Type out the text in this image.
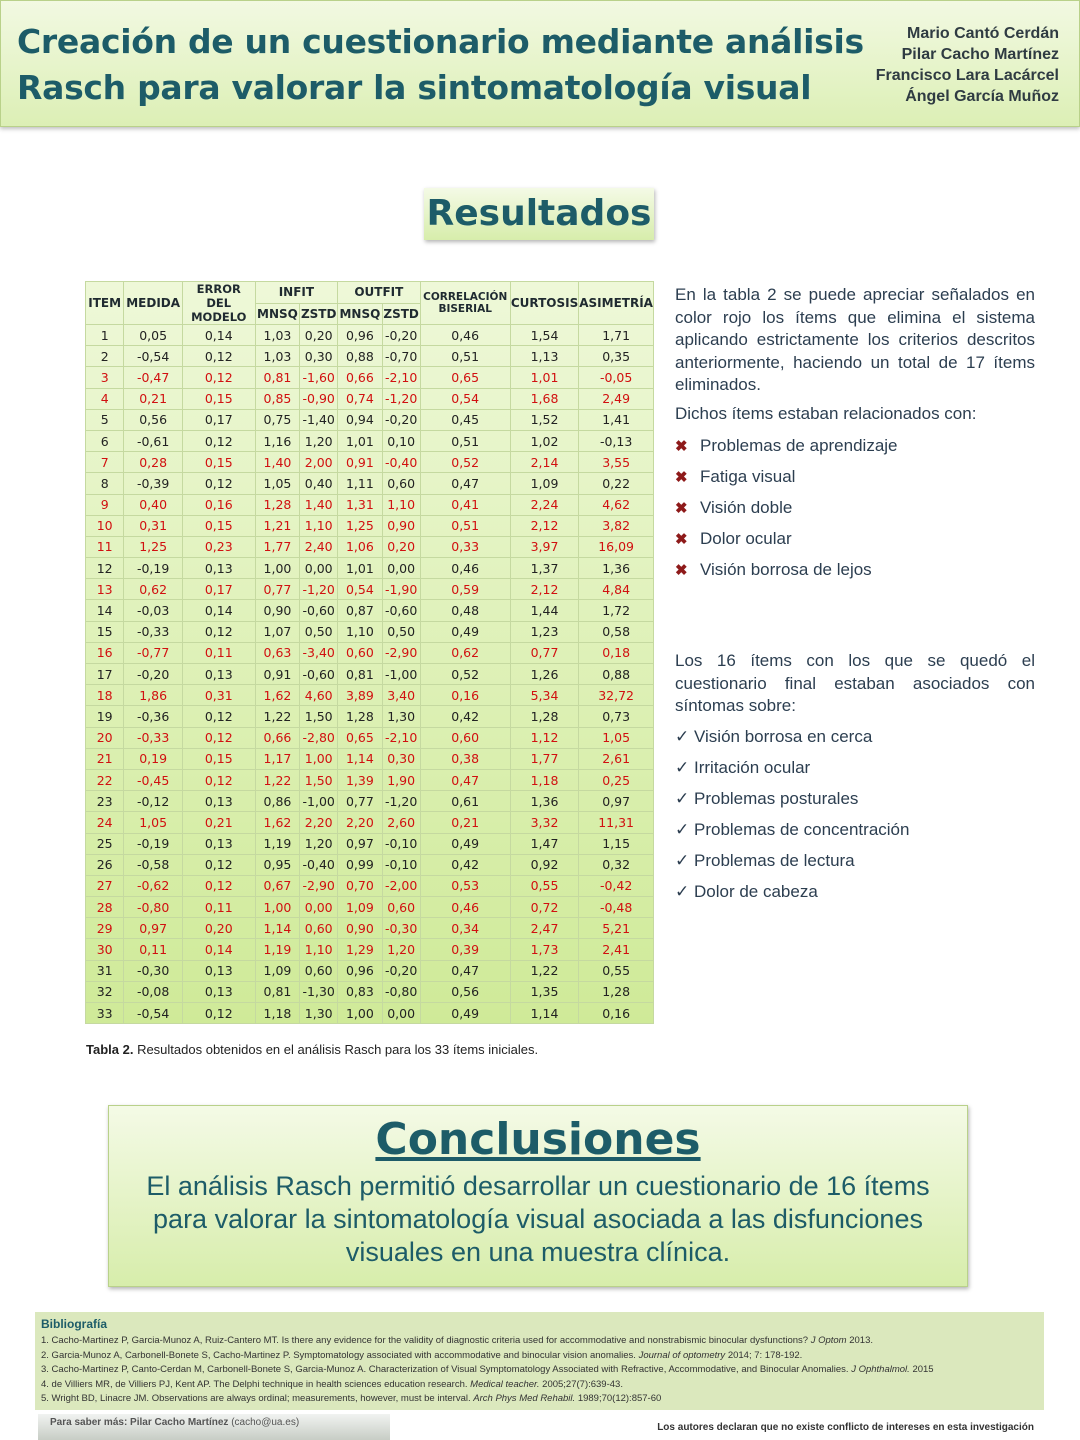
Creación de un cuestionario mediante análisis
Rasch para valorar la sintomatología visual
Mario Cantó Cerdán
Pilar Cacho Martínez
Francisco Lara Lacárcel
Ángel García Muñoz
Resultados
ITEM	MEDIDA	ERROR DEL MODELO	INFIT		OUTFIT		CORRELACIÓN BISERIAL	CURTOSIS	ASIMETRÍA
			MNSQ	ZSTD	MNSQ	ZSTD			
1	0,05	0,14	1,03	0,20	0,96	-0,20	0,46	1,54	1,71
2	-0,54	0,12	1,03	0,30	0,88	-0,70	0,51	1,13	0,35
3	-0,47	0,12	0,81	-1,60	0,66	-2,10	0,65	1,01	-0,05
4	0,21	0,15	0,85	-0,90	0,74	-1,20	0,54	1,68	2,49
5	0,56	0,17	0,75	-1,40	0,94	-0,20	0,45	1,52	1,41
6	-0,61	0,12	1,16	1,20	1,01	0,10	0,51	1,02	-0,13
7	0,28	0,15	1,40	2,00	0,91	-0,40	0,52	2,14	3,55
8	-0,39	0,12	1,05	0,40	1,11	0,60	0,47	1,09	0,22
9	0,40	0,16	1,28	1,40	1,31	1,10	0,41	2,24	4,62
10	0,31	0,15	1,21	1,10	1,25	0,90	0,51	2,12	3,82
11	1,25	0,23	1,77	2,40	1,06	0,20	0,33	3,97	16,09
12	-0,19	0,13	1,00	0,00	1,01	0,00	0,46	1,37	1,36
13	0,62	0,17	0,77	-1,20	0,54	-1,90	0,59	2,12	4,84
14	-0,03	0,14	0,90	-0,60	0,87	-0,60	0,48	1,44	1,72
15	-0,33	0,12	1,07	0,50	1,10	0,50	0,49	1,23	0,58
16	-0,77	0,11	0,63	-3,40	0,60	-2,90	0,62	0,77	0,18
17	-0,20	0,13	0,91	-0,60	0,81	-1,00	0,52	1,26	0,88
18	1,86	0,31	1,62	4,60	3,89	3,40	0,16	5,34	32,72
19	-0,36	0,12	1,22	1,50	1,28	1,30	0,42	1,28	0,73
20	-0,33	0,12	0,66	-2,80	0,65	-2,10	0,60	1,12	1,05
21	0,19	0,15	1,17	1,00	1,14	0,30	0,38	1,77	2,61
22	-0,45	0,12	1,22	1,50	1,39	1,90	0,47	1,18	0,25
23	-0,12	0,13	0,86	-1,00	0,77	-1,20	0,61	1,36	0,97
24	1,05	0,21	1,62	2,20	2,20	2,60	0,21	3,32	11,31
25	-0,19	0,13	1,19	1,20	0,97	-0,10	0,49	1,47	1,15
26	-0,58	0,12	0,95	-0,40	0,99	-0,10	0,42	0,92	0,32
27	-0,62	0,12	0,67	-2,90	0,70	-2,00	0,53	0,55	-0,42
28	-0,80	0,11	1,00	0,00	1,09	0,60	0,46	0,72	-0,48
29	0,97	0,20	1,14	0,60	0,90	-0,30	0,34	2,47	5,21
30	0,11	0,14	1,19	1,10	1,29	1,20	0,39	1,73	2,41
31	-0,30	0,13	1,09	0,60	0,96	-0,20	0,47	1,22	0,55
32	-0,08	0,13	0,81	-1,30	0,83	-0,80	0,56	1,35	1,28
33	-0,54	0,12	1,18	1,30	1,00	0,00	0,49	1,14	0,16
Tabla 2. Resultados obtenidos en el análisis Rasch para los 33 ítems iniciales.
En la tabla 2 se puede apreciar señalados en color rojo los ítems que elimina el sistema aplicando estrictamente los criterios descritos anteriormente, haciendo un total de 17 ítems eliminados.
Dichos ítems estaban relacionados con:
✖ Problemas de aprendizaje
✖ Fatiga visual
✖ Visión doble
✖ Dolor ocular
✖ Visión borrosa de lejos
Los 16 ítems con los que se quedó el cuestionario final estaban asociados con síntomas sobre:
✓ Visión borrosa en cerca
✓ Irritación ocular
✓ Problemas posturales
✓ Problemas de concentración
✓ Problemas de lectura
✓ Dolor de cabeza
Conclusiones
El análisis Rasch permitió desarrollar un cuestionario de 16 ítems para valorar la sintomatología visual asociada a las disfunciones visuales en una muestra clínica.
Bibliografía
1. Cacho-Martinez P, Garcia-Munoz A, Ruiz-Cantero MT. Is there any evidence for the validity of diagnostic criteria used for accommodative and nonstrabismic binocular dysfunctions? J Optom 2013.
2. Garcia-Munoz A, Carbonell-Bonete S, Cacho-Martinez P. Symptomatology associated with accommodative and binocular vision anomalies. Journal of optometry 2014; 7: 178-192.
3. Cacho-Martinez P, Canto-Cerdan M, Carbonell-Bonete S, Garcia-Munoz A. Characterization of Visual Symptomatology Associated with Refractive, Accommodative, and Binocular Anomalies. J Ophthalmol. 2015
4. de Villiers MR, de Villiers PJ, Kent AP. The Delphi technique in health sciences education research. Medical teacher. 2005;27(7):639-43.
5. Wright BD, Linacre JM. Observations are always ordinal; measurements, however, must be interval. Arch Phys Med Rehabil. 1989;70(12):857-60
Para saber más: Pilar Cacho Martínez (cacho@ua.es)	Los autores declaran que no existe conflicto de intereses en esta investigación
